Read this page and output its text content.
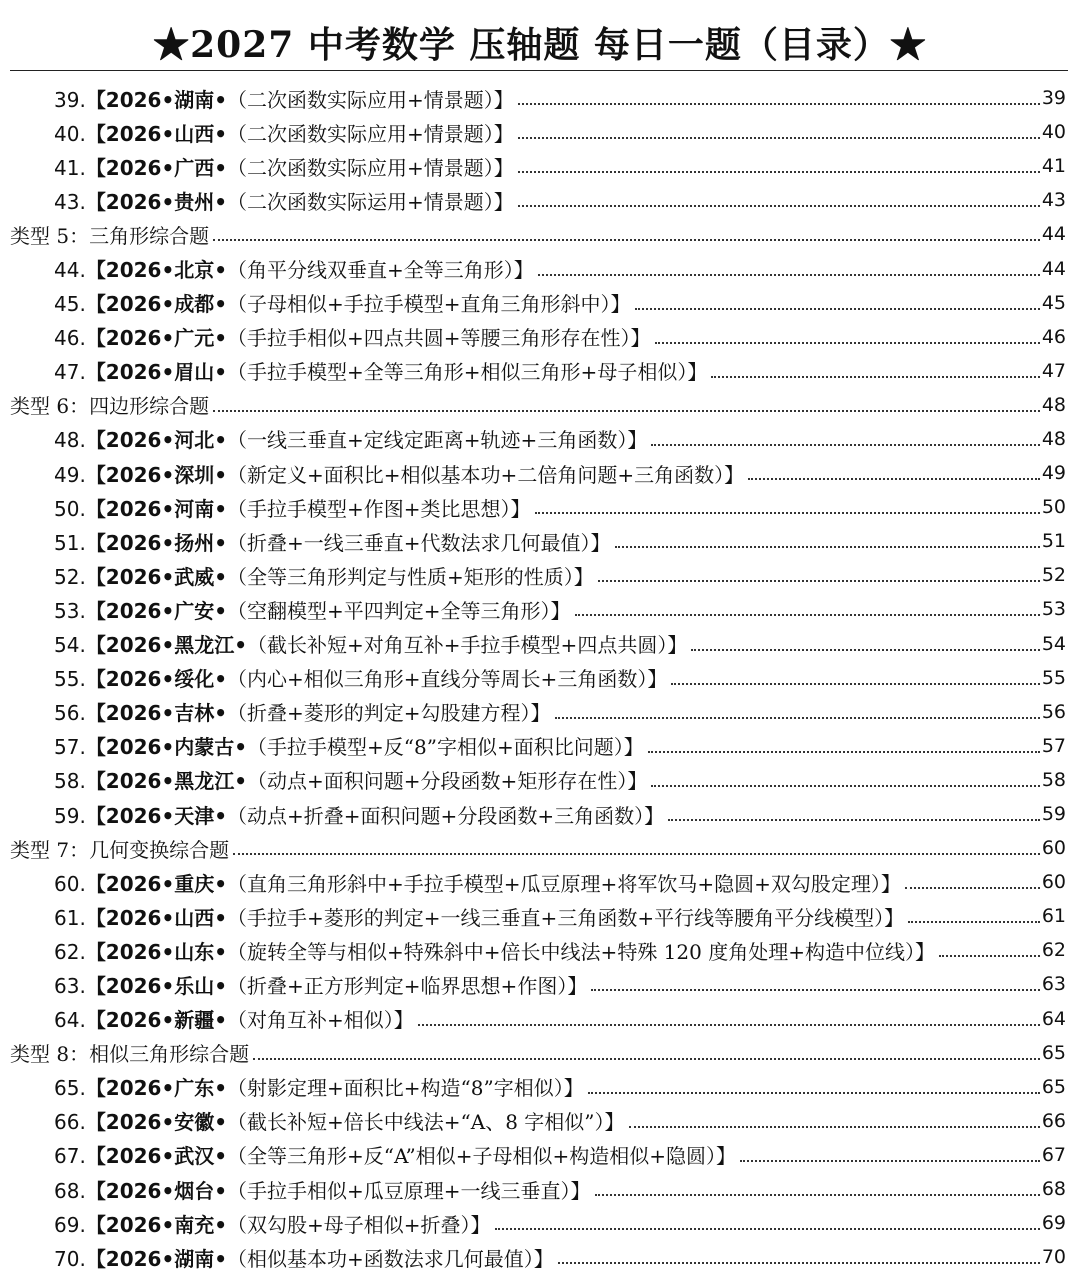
★2027 中考数学 压轴题 每日一题（目录）★
39.【2026•湖南•（二次函数实际应用+情景题）】	39
40.【2026•山西•（二次函数实际应用+情景题）】	40
41.【2026•广西•（二次函数实际应用+情景题）】	41
43.【2026•贵州•（二次函数实际运用+情景题）】	43
类型 5：三角形综合题	44
44.【2026•北京•（角平分线双垂直+全等三角形）】	44
45.【2026•成都•（子母相似+手拉手模型+直角三角形斜中）】	45
46.【2026•广元•（手拉手相似+四点共圆+等腰三角形存在性）】	46
47.【2026•眉山•（手拉手模型+全等三角形+相似三角形+母子相似）】	47
类型 6：四边形综合题	48
48.【2026•河北•（一线三垂直+定线定距离+轨迹+三角函数）】	48
49.【2026•深圳•（新定义+面积比+相似基本功+二倍角问题+三角函数）】	49
50.【2026•河南•（手拉手模型+作图+类比思想）】	50
51.【2026•扬州•（折叠+一线三垂直+代数法求几何最值）】	51
52.【2026•武威•（全等三角形判定与性质+矩形的性质）】	52
53.【2026•广安•（空翻模型+平四判定+全等三角形）】	53
54.【2026•黑龙江•（截长补短+对角互补+手拉手模型+四点共圆）】	54
55.【2026•绥化•（内心+相似三角形+直线分等周长+三角函数）】	55
56.【2026•吉林•（折叠+菱形的判定+勾股建方程）】	56
57.【2026•内蒙古•（手拉手模型+反“8”字相似+面积比问题）】	57
58.【2026•黑龙江•（动点+面积问题+分段函数+矩形存在性）】	58
59.【2026•天津•（动点+折叠+面积问题+分段函数+三角函数）】	59
类型 7：几何变换综合题	60
60.【2026•重庆•（直角三角形斜中+手拉手模型+瓜豆原理+将军饮马+隐圆+双勾股定理）】	60
61.【2026•山西•（手拉手+菱形的判定+一线三垂直+三角函数+平行线等腰角平分线模型）】	61
62.【2026•山东•（旋转全等与相似+特殊斜中+倍长中线法+特殊 120 度角处理+构造中位线）】	62
63.【2026•乐山•（折叠+正方形判定+临界思想+作图）】	63
64.【2026•新疆•（对角互补+相似）】	64
类型 8：相似三角形综合题	65
65.【2026•广东•（射影定理+面积比+构造“8”字相似）】	65
66.【2026•安徽•（截长补短+倍长中线法+“A、8 字相似”）】	66
67.【2026•武汉•（全等三角形+反“A”相似+子母相似+构造相似+隐圆）】	67
68.【2026•烟台•（手拉手相似+瓜豆原理+一线三垂直）】	68
69.【2026•南充•（双勾股+母子相似+折叠）】	69
70.【2026•湖南•（相似基本功+函数法求几何最值）】	70
